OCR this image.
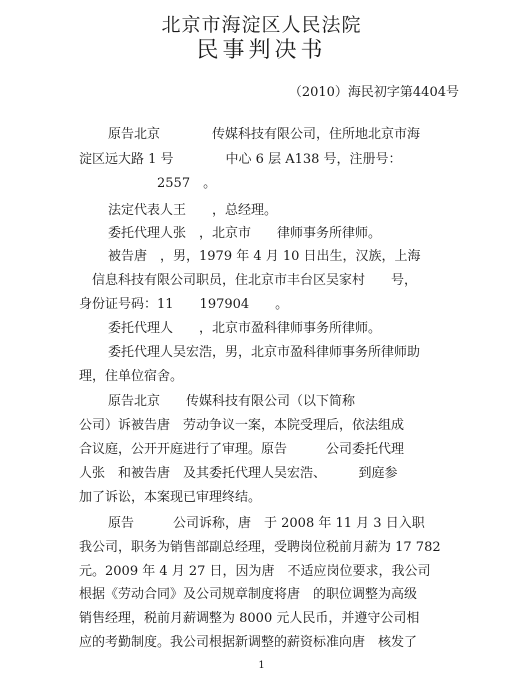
北京市海淀区人民法院
民事判决书
（2010）海民初字第4404号
原告北京　　　　传媒科技有限公司，住所地北京市海
淀区远大路 1 号　　　　中心 6 层 A138 号，注册号：
　　　　　　2557　。
法定代表人王　　，总经理。
委托代理人张　，北京市　　律师事务所律师。
被告唐　，男，1979 年 4 月 10 日出生，汉族，上海
　信息科技有限公司职员，住北京市丰台区吴家村　　号，
身份证号码：11　　197904　　。
委托代理人　　，北京市盈科律师事务所律师。
委托代理人吴宏浩，男，北京市盈科律师事务所律师助
理，住单位宿舍。
原告北京　　传媒科技有限公司（以下简称　　
公司）诉被告唐　劳动争议一案，本院受理后，依法组成
合议庭，公开开庭进行了审理。原告　　　公司委托代理
人张　和被告唐　及其委托代理人吴宏浩、　　　到庭参
加了诉讼，本案现已审理终结。
原告　　　公司诉称，唐　于 2008 年 11 月 3 日入职
我公司，职务为销售部副总经理，受聘岗位税前月薪为 17 782
元。2009 年 4 月 27 日，因为唐　不适应岗位要求，我公司
根据《劳动合同》及公司规章制度将唐　的职位调整为高级
销售经理，税前月薪调整为 8000 元人民币，并遵守公司相
应的考勤制度。我公司根据新调整的薪资标准向唐　核发了
1
